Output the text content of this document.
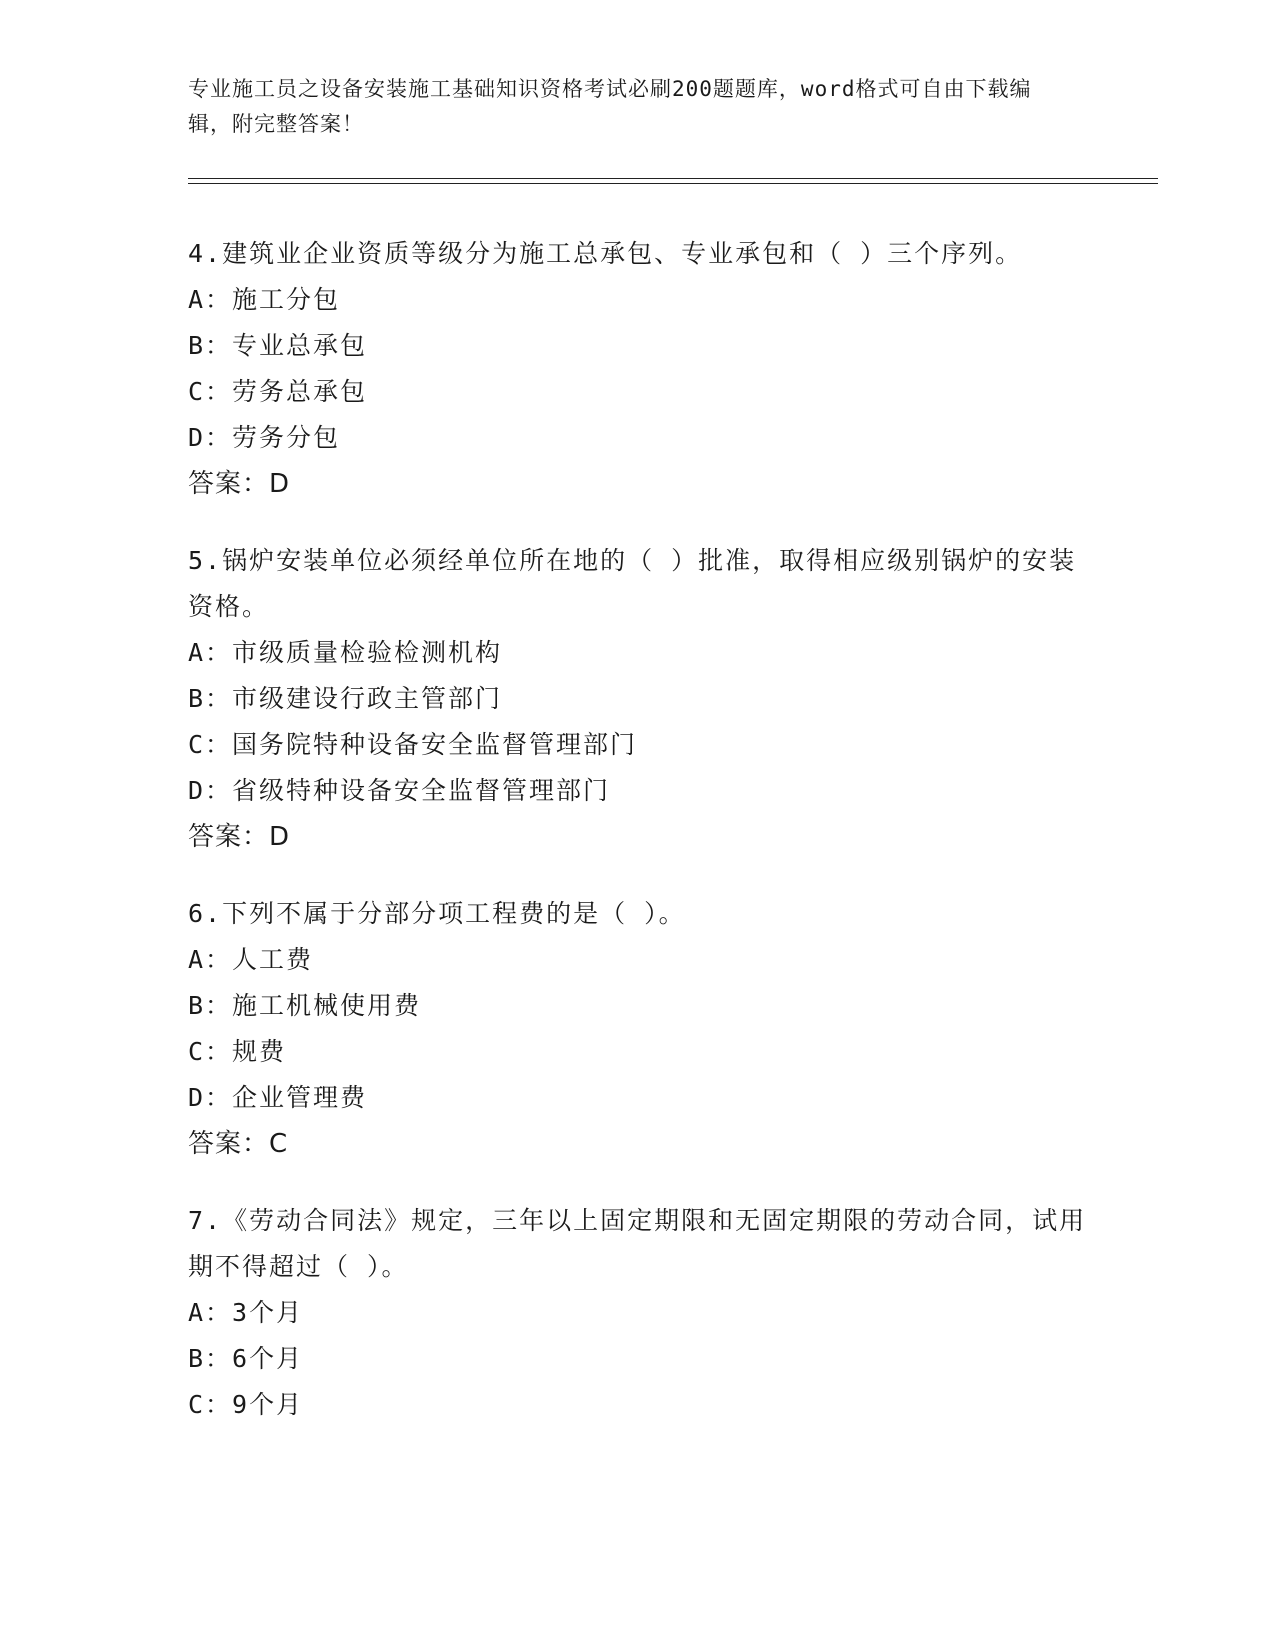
专业施工员之设备安装施工基础知识资格考试必刷200题题库，word格式可自由下载编辑，附完整答案！
4.建筑业企业资质等级分为施工总承包、专业承包和（ ）三个序列。
A：施工分包
B：专业总承包
C：劳务总承包
D：劳务分包
答案：D
5.锅炉安装单位必须经单位所在地的（ ）批准，取得相应级别锅炉的安装资格。
A：市级质量检验检测机构
B：市级建设行政主管部门
C：国务院特种设备安全监督管理部门
D：省级特种设备安全监督管理部门
答案：D
6.下列不属于分部分项工程费的是（ ）。
A：人工费
B：施工机械使用费
C：规费
D：企业管理费
答案：C
7.《劳动合同法》规定，三年以上固定期限和无固定期限的劳动合同，试用期不得超过（ ）。
A：3个月
B：6个月
C：9个月
